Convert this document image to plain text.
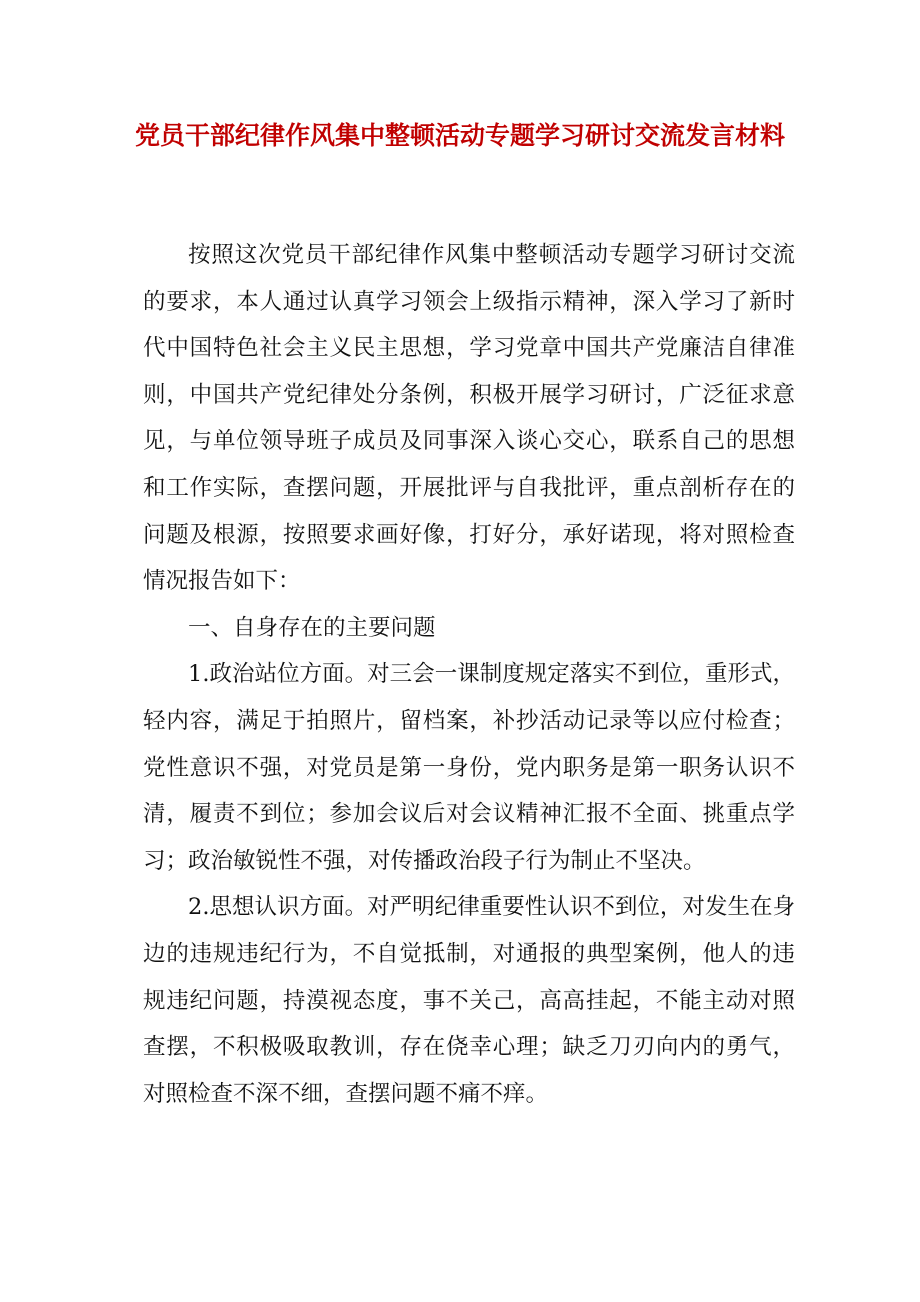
党员干部纪律作风集中整顿活动专题学习研讨交流发言材料

按照这次党员干部纪律作风集中整顿活动专题学习研讨交流的要求，本人通过认真学习领会上级指示精神，深入学习了新时代中国特色社会主义民主思想，学习党章中国共产党廉洁自律准则，中国共产党纪律处分条例，积极开展学习研讨，广泛征求意见，与单位领导班子成员及同事深入谈心交心，联系自己的思想和工作实际，查摆问题，开展批评与自我批评，重点剖析存在的问题及根源，按照要求画好像，打好分，承好诺现，将对照检查情况报告如下：

一、自身存在的主要问题

1.政治站位方面。对三会一课制度规定落实不到位，重形式，轻内容，满足于拍照片，留档案，补抄活动记录等以应付检查；党性意识不强，对党员是第一身份，党内职务是第一职务认识不清，履责不到位；参加会议后对会议精神汇报不全面、挑重点学习；政治敏锐性不强，对传播政治段子行为制止不坚决。

2.思想认识方面。对严明纪律重要性认识不到位，对发生在身边的违规违纪行为，不自觉抵制，对通报的典型案例，他人的违规违纪问题，持漠视态度，事不关己，高高挂起，不能主动对照查摆，不积极吸取教训，存在侥幸心理；缺乏刀刃向内的勇气，对照检查不深不细，查摆问题不痛不痒。
